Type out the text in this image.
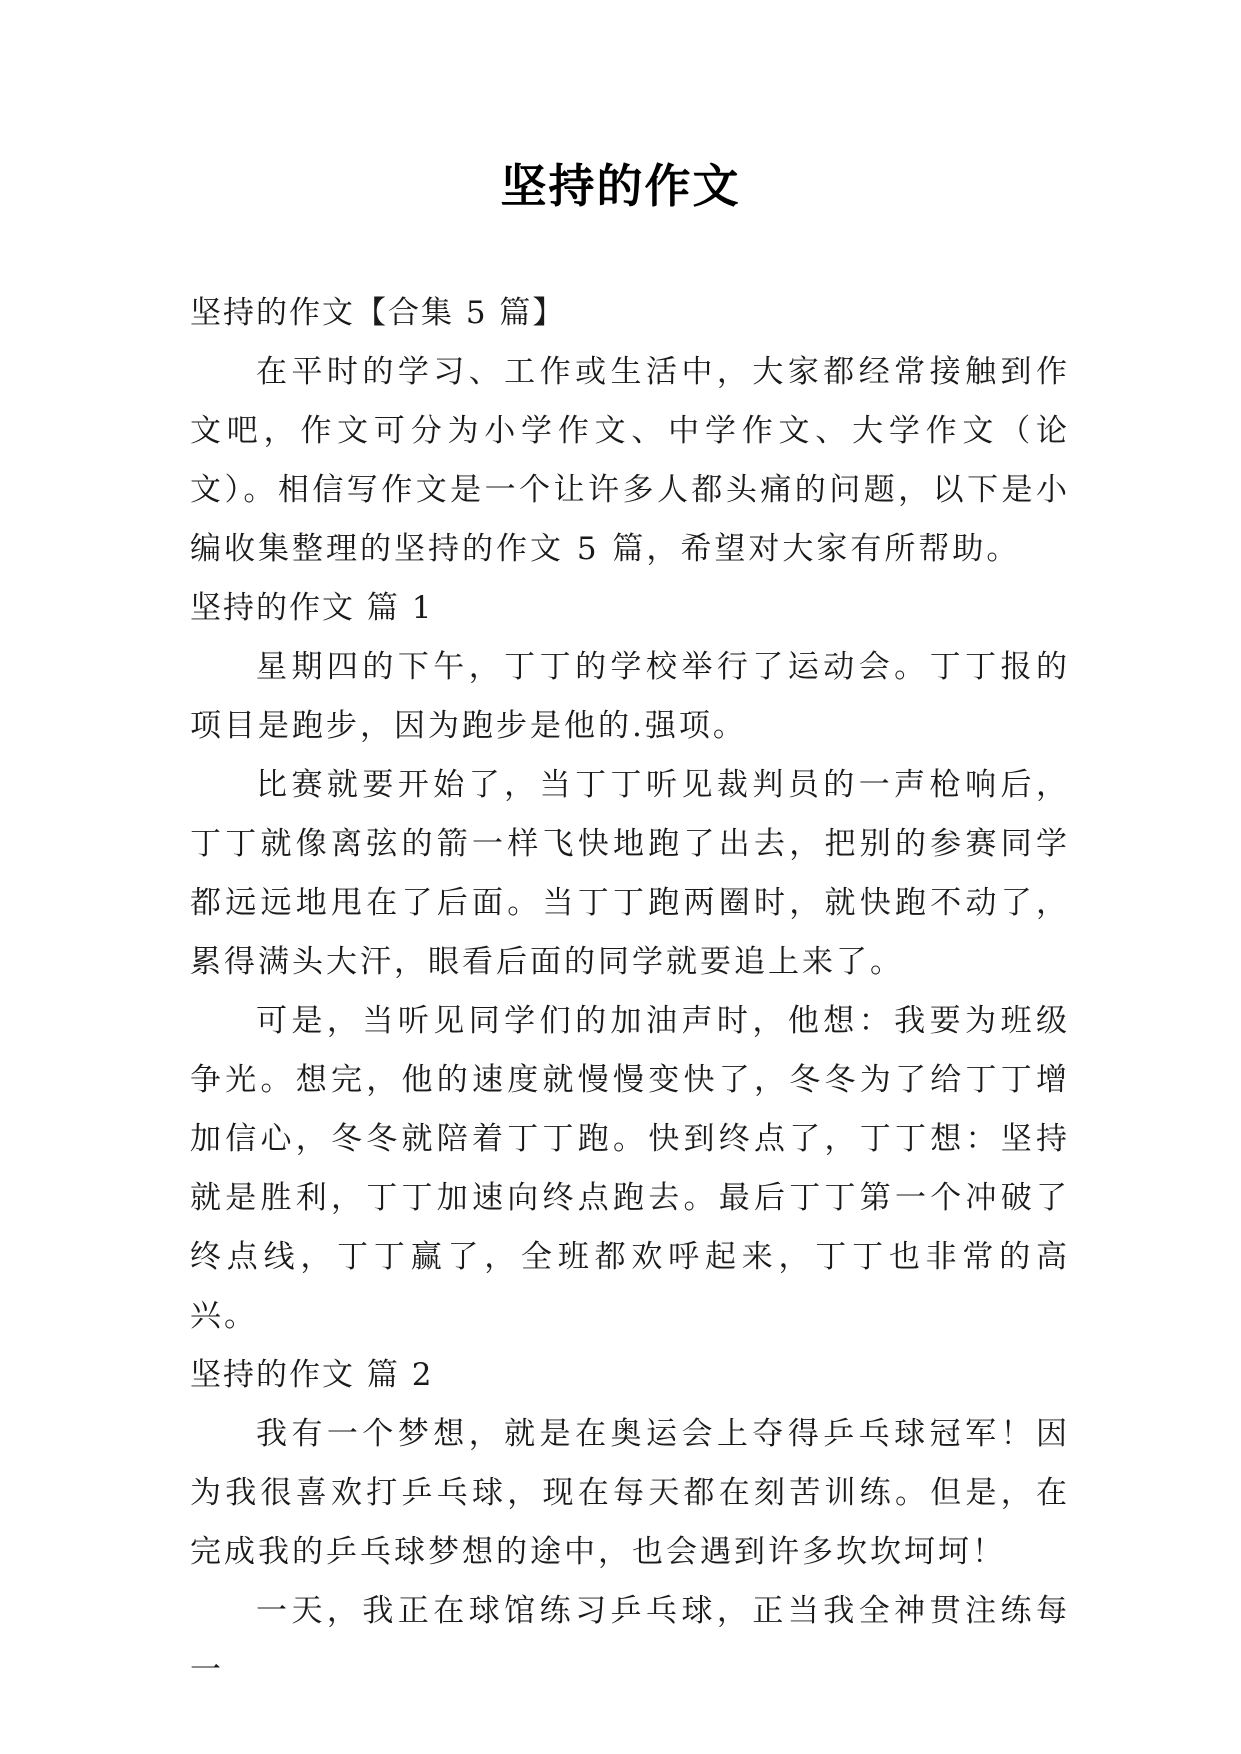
坚持的作文

坚持的作文【合集 5 篇】

在平时的学习、工作或生活中，大家都经常接触到作文吧，作文可分为小学作文、中学作文、大学作文（论文）。相信写作文是一个让许多人都头痛的问题，以下是小编收集整理的坚持的作文 5 篇，希望对大家有所帮助。

坚持的作文 篇 1

星期四的下午，丁丁的学校举行了运动会。丁丁报的项目是跑步，因为跑步是他的.强项。

比赛就要开始了，当丁丁听见裁判员的一声枪响后，丁丁就像离弦的箭一样飞快地跑了出去，把别的参赛同学都远远地甩在了后面。当丁丁跑两圈时，就快跑不动了，累得满头大汗，眼看后面的同学就要追上来了。

可是，当听见同学们的加油声时，他想：我要为班级争光。想完，他的速度就慢慢变快了，冬冬为了给丁丁增加信心，冬冬就陪着丁丁跑。快到终点了，丁丁想：坚持就是胜利，丁丁加速向终点跑去。最后丁丁第一个冲破了终点线，丁丁赢了，全班都欢呼起来，丁丁也非常的高兴。

坚持的作文 篇 2

我有一个梦想，就是在奥运会上夺得乒乓球冠军！因为我很喜欢打乒乓球，现在每天都在刻苦训练。但是，在完成我的乒乓球梦想的途中，也会遇到许多坎坎坷坷！

一天，我正在球馆练习乒乓球，正当我全神贯注练每一
